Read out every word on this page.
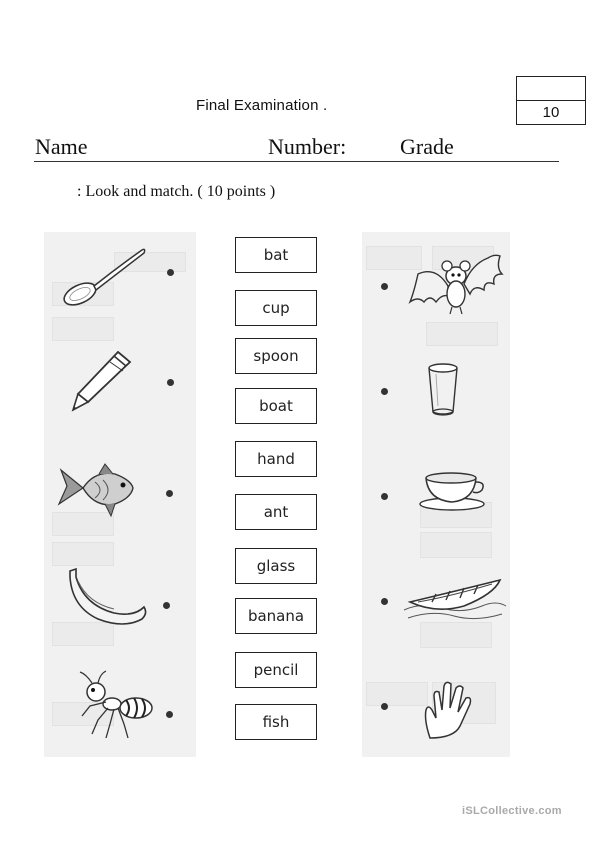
10
Final Examination .
Name	Number: Grade
: Look and match. ( 10 points )
bat
cup
spoon
boat
hand
ant
glass
banana
pencil
fish
iSLCollective.com
